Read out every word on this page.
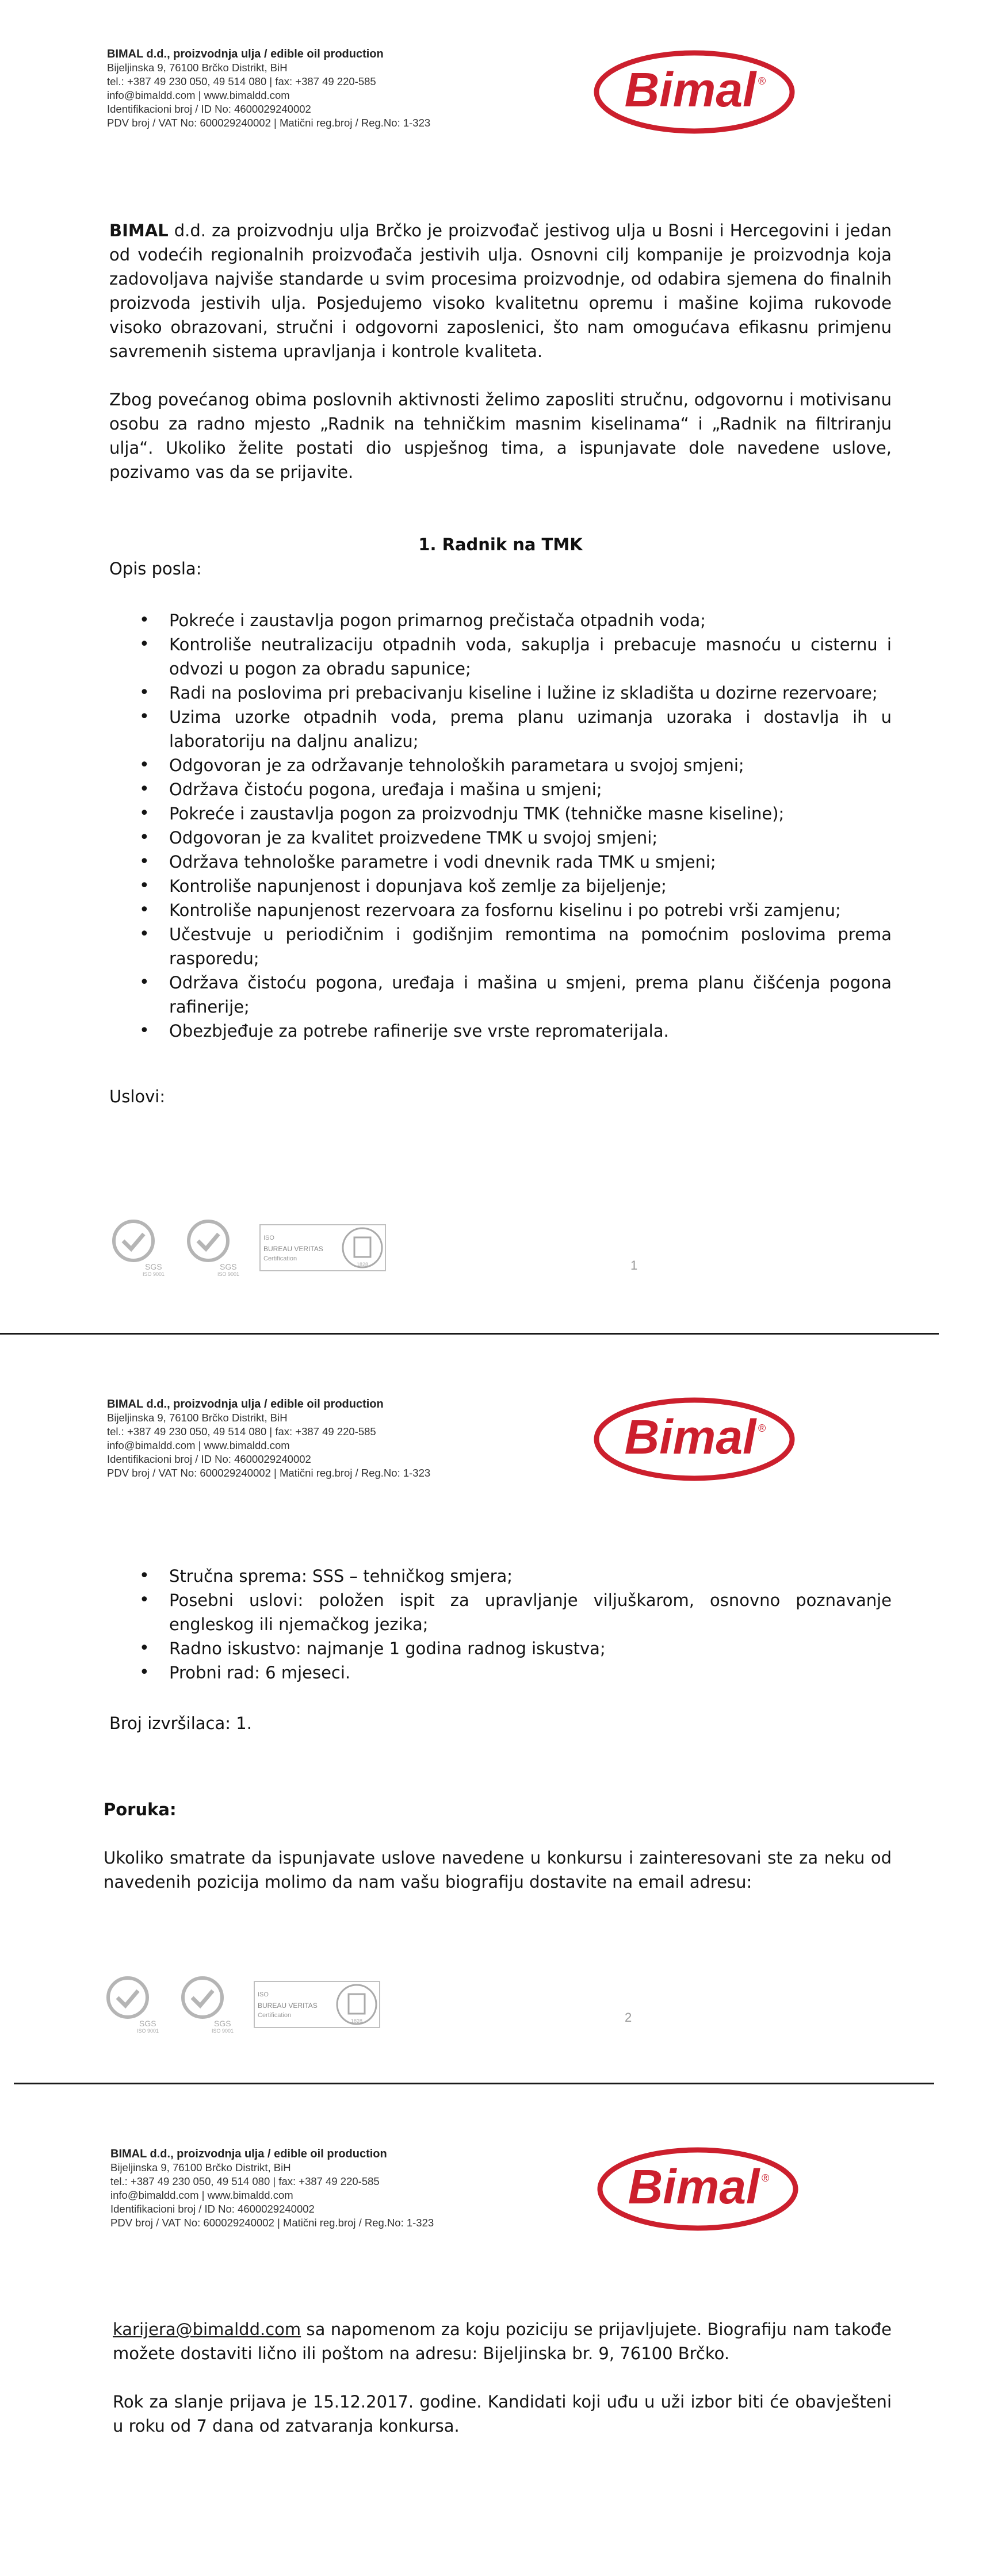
BIMAL d.d., proizvodnja ulja / edible oil production
Bijeljinska 9, 76100 Brčko Distrikt, BiH
tel.: +387 49 230 050, 49 514 080 | fax: +387 49 220-585
info@bimaldd.com | www.bimaldd.com
Identifikacioni broj / ID No: 4600029240002
PDV broj / VAT No: 600029240002 | Matični reg.broj / Reg.No: 1-323
Bimal ®

BIMAL d.d. za proizvodnju ulja Brčko je proizvođač jestivog ulja u Bosni i Hercegovini i jedan od vodećih regionalnih proizvođača jestivih ulja. Osnovni cilj kompanije je proizvodnja koja zadovoljava najviše standarde u svim procesima proizvodnje, od odabira sjemena do finalnih proizvoda jestivih ulja. Posjedujemo visoko kvalitetnu opremu i mašine kojima rukovode visoko obrazovani, stručni i odgovorni zaposlenici, što nam omogućava efikasnu primjenu savremenih sistema upravljanja i kontrole kvaliteta.

Zbog povećanog obima poslovnih aktivnosti želimo zaposliti stručnu, odgovornu i motivisanu osobu za radno mjesto „Radnik na tehničkim masnim kiselinama“ i „Radnik na filtriranju ulja“. Ukoliko želite postati dio uspješnog tima, a ispunjavate dole navedene uslove, pozivamo vas da se prijavite.

1. Radnik na TMK
Opis posla:
• Pokreće i zaustavlja pogon primarnog prečistača otpadnih voda;
• Kontroliše neutralizaciju otpadnih voda, sakuplja i prebacuje masnoću u cisternu i odvozi u pogon za obradu sapunice;
• Radi na poslovima pri prebacivanju kiseline i lužine iz skladišta u dozirne rezervoare;
• Uzima uzorke otpadnih voda, prema planu uzimanja uzoraka i dostavlja ih u laboratoriju na daljnu analizu;
• Odgovoran je za održavanje tehnoloških parametara u svojoj smjeni;
• Održava čistoću pogona, uređaja i mašina u smjeni;
• Pokreće i zaustavlja pogon za proizvodnju TMK (tehničke masne kiseline);
• Odgovoran je za kvalitet proizvedene TMK u svojoj smjeni;
• Održava tehnološke parametre i vodi dnevnik rada TMK u smjeni;
• Kontroliše napunjenost i dopunjava koš zemlje za bijeljenje;
• Kontroliše napunjenost rezervoara za fosfornu kiselinu i po potrebi vrši zamjenu;
• Učestvuje u periodičnim i godišnjim remontima na pomoćnim poslovima prema rasporedu;
• Održava čistoću pogona, uređaja i mašina u smjeni, prema planu čišćenja pogona rafinerije;
• Obezbjeđuje za potrebe rafinerije sve vrste repromaterijala.
Uslovi:
SGS
ISO 9001
SGS
ISO 9001
ISO
BUREAU VERITAS
Certification
1828	1
BIMAL d.d., proizvodnja ulja / edible oil production
Bijeljinska 9, 76100 Brčko Distrikt, BiH
tel.: +387 49 230 050, 49 514 080 | fax: +387 49 220-585
info@bimaldd.com | www.bimaldd.com
Identifikacioni broj / ID No: 4600029240002
PDV broj / VAT No: 600029240002 | Matični reg.broj / Reg.No: 1-323
Bimal ®
• Stručna sprema: SSS – tehničkog smjera;
• Posebni uslovi: položen ispit za upravljanje viljuškarom, osnovno poznavanje engleskog ili njemačkog jezika;
• Radno iskustvo: najmanje 1 godina radnog iskustva;
• Probni rad: 6 mjeseci.
Broj izvršilaca: 1.
Poruka:

Ukoliko smatrate da ispunjavate uslove navedene u konkursu i zainteresovani ste za neku od navedenih pozicija molimo da nam vašu biografiju dostavite na email adresu:

SGS
ISO 9001
SGS
ISO 9001
ISO
BUREAU VERITAS
Certification
1828	2
BIMAL d.d., proizvodnja ulja / edible oil production
Bijeljinska 9, 76100 Brčko Distrikt, BiH
tel.: +387 49 230 050, 49 514 080 | fax: +387 49 220-585
info@bimaldd.com | www.bimaldd.com
Identifikacioni broj / ID No: 4600029240002
PDV broj / VAT No: 600029240002 | Matični reg.broj / Reg.No: 1-323
Bimal ®

karijera@bimaldd.com sa napomenom za koju poziciju se prijavljujete. Biografiju nam takođe možete dostaviti lično ili poštom na adresu: Bijeljinska br. 9, 76100 Brčko.

Rok za slanje prijava je 15.12.2017. godine. Kandidati koji uđu u uži izbor biti će obavješteni u roku od 7 dana od zatvaranja konkursa.
